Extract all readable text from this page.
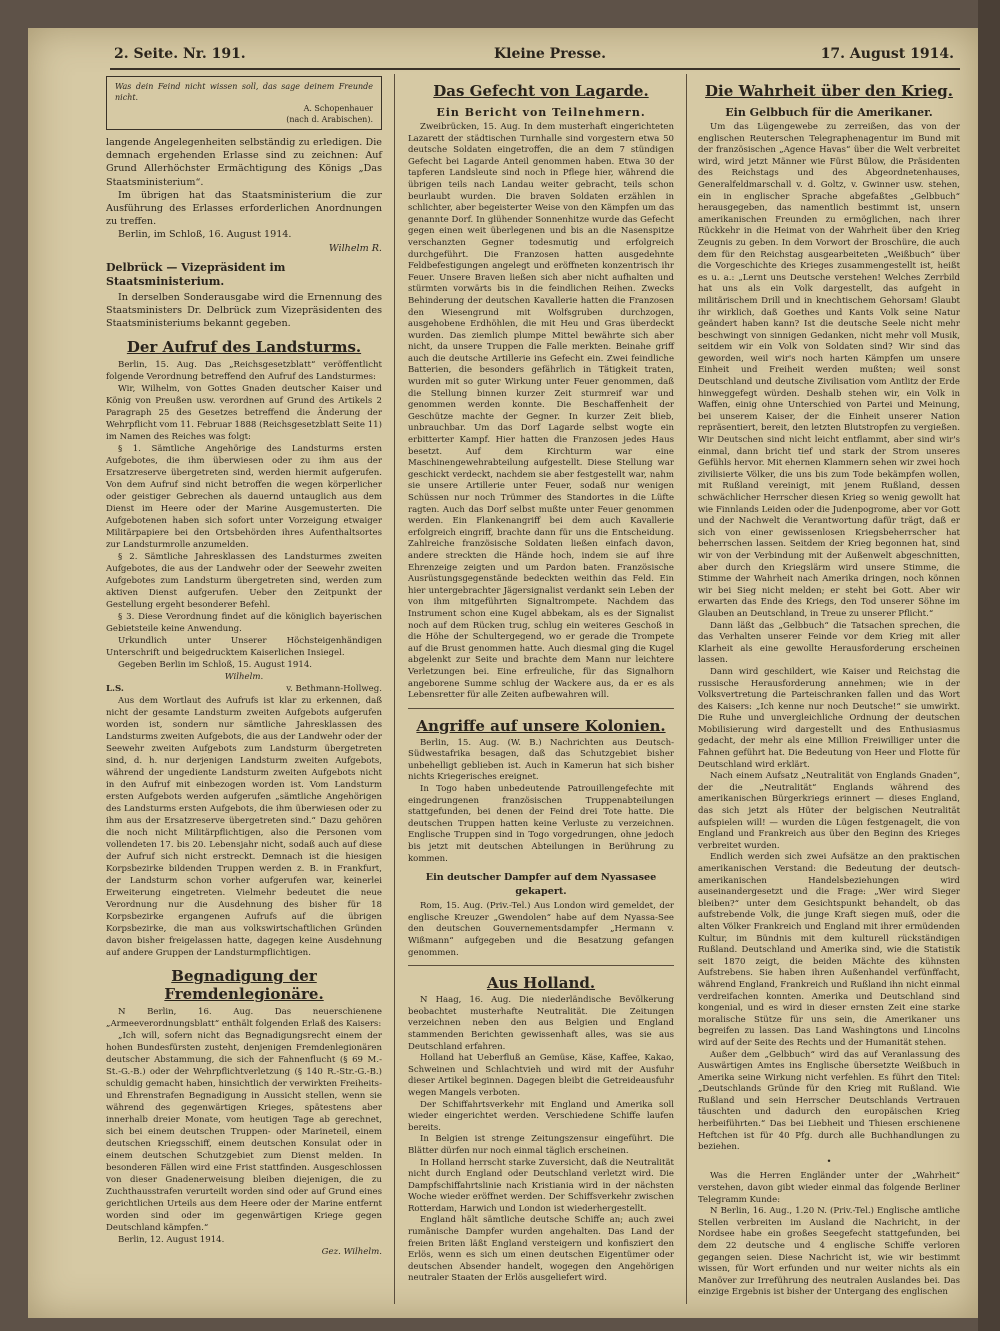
2. Seite. Nr. 191.	Kleine Presse.	17. August 1914.
Was dein Feind nicht wissen soll, das sage deinem Freunde nicht.
A. Schopenhauer
(nach d. Arabischen).

langende Angelegenheiten selbständig zu erledigen. Die demnach ergehenden Erlasse sind zu zeichnen: Auf Grund Allerhöchster Ermächtigung des Königs „Das Staatsministerium“.

Im übrigen hat das Staatsministerium die zur Ausführung des Erlasses erforderlichen Anordnungen zu treffen.

Berlin, im Schloß, 16. August 1914.

Wilhelm R.
Delbrück — Vizepräsident im Staatsministerium.

In derselben Sonderausgabe wird die Ernennung des Staatsministers Dr. Delbrück zum Vizepräsidenten des Staatsministeriums bekannt gegeben.

Der Aufruf des Landsturms.

Berlin, 15. Aug. Das „Reichsgesetzblatt“ veröffentlicht folgende Verordnung betreffend den Aufruf des Landsturmes:

Wir, Wilhelm, von Gottes Gnaden deutscher Kaiser und König von Preußen usw. verordnen auf Grund des Artikels 2 Paragraph 25 des Gesetzes betreffend die Änderung der Wehrpflicht vom 11. Februar 1888 (Reichsgesetzblatt Seite 11) im Namen des Reiches was folgt:

§ 1. Sämtliche Angehörige des Landsturms ersten Aufgebotes, die ihm überwiesen oder zu ihm aus der Ersatzreserve übergetreten sind, werden hiermit aufgerufen. Von dem Aufruf sind nicht betroffen die wegen körperlicher oder geistiger Gebrechen als dauernd untauglich aus dem Dienst im Heere oder der Marine Ausgemusterten. Die Aufgebotenen haben sich sofort unter Vorzeigung etwaiger Militärpapiere bei den Ortsbehörden ihres Aufenthaltsortes zur Landsturmrolle anzumelden.

§ 2. Sämtliche Jahresklassen des Landsturmes zweiten Aufgebotes, die aus der Landwehr oder der Seewehr zweiten Aufgebotes zum Landsturm übergetreten sind, werden zum aktiven Dienst aufgerufen. Ueber den Zeitpunkt der Gestellung ergeht besonderer Befehl.

§ 3. Diese Verordnung findet auf die königlich bayerischen Gebietsteile keine Anwendung.

Urkundlich unter Unserer Höchsteigenhändigen Unterschrift und beigedrucktem Kaiserlichen Insiegel.

Gegeben Berlin im Schloß, 15. August 1914.

Wilhelm.
L.S.	v. Bethmann-Hollweg.

Aus dem Wortlaut des Aufrufs ist klar zu erkennen, daß nicht der gesamte Landsturm zweiten Aufgebots aufgerufen worden ist, sondern nur sämtliche Jahresklassen des Landsturms zweiten Aufgebots, die aus der Landwehr oder der Seewehr zweiten Aufgebots zum Landsturm übergetreten sind, d. h. nur derjenigen Landsturm zweiten Aufgebots, während der ungediente Landsturm zweiten Aufgebots nicht in den Aufruf mit einbezogen worden ist. Vom Landsturm ersten Aufgebots werden aufgerufen „sämtliche Angehörigen des Landsturms ersten Aufgebots, die ihm überwiesen oder zu ihm aus der Ersatzreserve übergetreten sind.“ Dazu gehören die noch nicht Militärpflichtigen, also die Personen vom vollendeten 17. bis 20. Lebensjahr nicht, sodaß auch auf diese der Aufruf sich nicht erstreckt. Demnach ist die hiesigen Korpsbezirke bildenden Truppen werden z. B. in Frankfurt, der Landsturm schon vorher aufgerufen war, keinerlei Erweiterung eingetreten. Vielmehr bedeutet die neue Verordnung nur die Ausdehnung des bisher für 18 Korpsbezirke ergangenen Aufrufs auf die übrigen Korpsbezirke, die man aus volkswirtschaftlichen Gründen davon bisher freigelassen hatte, dagegen keine Ausdehnung auf andere Gruppen der Landsturmpflichtigen.

Begnadigung der Fremdenlegionäre.

N Berlin, 16. Aug. Das neuerschienene „Armeeverordnungsblatt“ enthält folgenden Erlaß des Kaisers:

„Ich will, sofern nicht das Begnadigungsrecht einem der hohen Bundesfürsten zusteht, denjenigen Fremdenlegionären deutscher Abstammung, die sich der Fahnenflucht (§ 69 M.-St.-G.-B.) oder der Wehrpflichtverletzung (§ 140 R.-Str.-G.-B.) schuldig gemacht haben, hinsichtlich der verwirkten Freiheits- und Ehrenstrafen Begnadigung in Aussicht stellen, wenn sie während des gegenwärtigen Krieges, spätestens aber innerhalb dreier Monate, vom heutigen Tage ab gerechnet, sich bei einem deutschen Truppen- oder Marineteil, einem deutschen Kriegsschiff, einem deutschen Konsulat oder in einem deutschen Schutzgebiet zum Dienst melden. In besonderen Fällen wird eine Frist stattfinden. Ausgeschlossen von dieser Gnadenerweisung bleiben diejenigen, die zu Zuchthausstrafen verurteilt worden sind oder auf Grund eines gerichtlichen Urteils aus dem Heere oder der Marine entfernt worden sind oder im gegenwärtigen Kriege gegen Deutschland kämpfen.“

Berlin, 12. August 1914.

Gez. Wilhelm.
Das Gefecht von Lagarde.
Ein Bericht von Teilnehmern.

Zweibrücken, 15. Aug. In dem musterhaft eingerichteten Lazarett der städtischen Turnhalle sind vorgestern etwa 50 deutsche Soldaten eingetroffen, die an dem 7 stündigen Gefecht bei Lagarde Anteil genommen haben. Etwa 30 der tapferen Landsleute sind noch in Pflege hier, während die übrigen teils nach Landau weiter gebracht, teils schon beurlaubt wurden. Die braven Soldaten erzählen in schlichter, aber begeisterter Weise von den Kämpfen um das genannte Dorf. In glühender Sonnenhitze wurde das Gefecht gegen einen weit überlegenen und bis an die Nasenspitze verschanzten Gegner todesmutig und erfolgreich durchgeführt. Die Franzosen hatten ausgedehnte Feldbefestigungen angelegt und eröffneten konzentrisch ihr Feuer. Unsere Braven ließen sich aber nicht aufhalten und stürmten vorwärts bis in die feindlichen Reihen. Zwecks Behinderung der deutschen Kavallerie hatten die Franzosen den Wiesengrund mit Wolfsgruben durchzogen, ausgehobene Erdhöhlen, die mit Heu und Gras überdeckt wurden. Das ziemlich plumpe Mittel bewährte sich aber nicht, da unsere Truppen die Falle merkten. Beinahe griff auch die deutsche Artillerie ins Gefecht ein. Zwei feindliche Batterien, die besonders gefährlich in Tätigkeit traten, wurden mit so guter Wirkung unter Feuer genommen, daß die Stellung binnen kurzer Zeit sturmreif war und genommen werden konnte. Die Beschaffenheit der Geschütze machte der Gegner. In kurzer Zeit blieb, unbrauchbar. Um das Dorf Lagarde selbst wogte ein erbitterter Kampf. Hier hatten die Franzosen jedes Haus besetzt. Auf dem Kirchturm war eine Maschinengewehrabteilung aufgestellt. Diese Stellung war geschickt verdeckt, nachdem sie aber festgestellt war, nahm sie unsere Artillerie unter Feuer, sodaß nur wenigen Schüssen nur noch Trümmer des Standortes in die Lüfte ragten. Auch das Dorf selbst mußte unter Feuer genommen werden. Ein Flankenangriff bei dem auch Kavallerie erfolgreich eingriff, brachte dann für uns die Entscheidung. Zahlreiche französische Soldaten ließen einfach davon, andere streckten die Hände hoch, indem sie auf ihre Ehrenzeige zeigten und um Pardon baten. Französische Ausrüstungsgegenstände bedeckten weithin das Feld. Ein hier untergebrachter Jägersignalist verdankt sein Leben der von ihm mitgeführten Signaltrompete. Nachdem das Instrument schon eine Kugel abbekam, als es der Signalist noch auf dem Rücken trug, schlug ein weiteres Geschoß in die Höhe der Schultergegend, wo er gerade die Trompete auf die Brust genommen hatte. Auch diesmal ging die Kugel abgelenkt zur Seite und brachte dem Mann nur leichtere Verletzungen bei. Eine erfreuliche, für das Signalhorn angeborene Summe schlug der Wackere aus, da er es als Lebensretter für alle Zeiten aufbewahren will.

Angriffe auf unsere Kolonien.

Berlin, 15. Aug. (W. B.) Nachrichten aus Deutsch-Südwestafrika besagen, daß das Schutzgebiet bisher unbehelligt geblieben ist. Auch in Kamerun hat sich bisher nichts Kriegerisches ereignet.

In Togo haben unbedeutende Patrouillengefechte mit eingedrungenen französischen Truppenabteilungen stattgefunden, bei denen der Feind drei Tote hatte. Die deutschen Truppen hatten keine Verluste zu verzeichnen. Englische Truppen sind in Togo vorgedrungen, ohne jedoch bis jetzt mit deutschen Abteilungen in Berührung zu kommen.

Ein deutscher Dampfer auf dem Nyassasee gekapert.

Rom, 15. Aug. (Priv.-Tel.) Aus London wird gemeldet, der englische Kreuzer „Gwendolen“ habe auf dem Nyassa-See den deutschen Gouvernementsdampfer „Hermann v. Wißmann“ aufgegeben und die Besatzung gefangen genommen.

Aus Holland.

N Haag, 16. Aug. Die niederländische Bevölkerung beobachtet musterhafte Neutralität. Die Zeitungen verzeichnen neben den aus Belgien und England stammenden Berichten gewissenhaft alles, was sie aus Deutschland erfahren.

Holland hat Ueberfluß an Gemüse, Käse, Kaffee, Kakao, Schweinen und Schlachtvieh und wird mit der Ausfuhr dieser Artikel beginnen. Dagegen bleibt die Getreideausfuhr wegen Mangels verboten.

Der Schiffahrtsverkehr mit England und Amerika soll wieder eingerichtet werden. Verschiedene Schiffe laufen bereits.

In Belgien ist strenge Zeitungszensur eingeführt. Die Blätter dürfen nur noch einmal täglich erscheinen.

In Holland herrscht starke Zuversicht, daß die Neutralität nicht durch England oder Deutschland verletzt wird. Die Dampfschiffahrtslinie nach Kristiania wird in der nächsten Woche wieder eröffnet werden. Der Schiffsverkehr zwischen Rotterdam, Harwich und London ist wiederhergestellt.

England hält sämtliche deutsche Schiffe an; auch zwei rumänische Dampfer wurden angehalten. Das Land der freien Briten läßt England versteigern und konfisziert den Erlös, wenn es sich um einen deutschen Eigentümer oder deutschen Absender handelt, wogegen den Angehörigen neutraler Staaten der Erlös ausgeliefert wird.

Die Wahrheit über den Krieg.
Ein Gelbbuch für die Amerikaner.

Um das Lügengewebe zu zerreißen, das von der englischen Reuterschen Telegraphenagentur im Bund mit der französischen „Agence Havas“ über die Welt verbreitet wird, wird jetzt Männer wie Fürst Bülow, die Präsidenten des Reichstags und des Abgeordnetenhauses, Generalfeldmarschall v. d. Goltz, v. Gwinner usw. stehen, ein in englischer Sprache abgefaßtes „Gelbbuch“ herausgegeben, das namentlich bestimmt ist, unsern amerikanischen Freunden zu ermöglichen, nach ihrer Rückkehr in die Heimat von der Wahrheit über den Krieg Zeugnis zu geben. In dem Vorwort der Broschüre, die auch dem für den Reichstag ausgearbeiteten „Weißbuch“ über die Vorgeschichte des Krieges zusammengestellt ist, heißt es u. a.: „Lernt uns Deutsche verstehen! Welches Zerrbild hat uns als ein Volk dargestellt, das aufgeht in militärischem Drill und in knechtischem Gehorsam! Glaubt ihr wirklich, daß Goethes und Kants Volk seine Natur geändert haben kann? Ist die deutsche Seele nicht mehr beschwingt von sinnigen Gedanken, nicht mehr voll Musik, seitdem wir ein Volk von Soldaten sind? Wir sind das geworden, weil wir's noch harten Kämpfen um unsere Einheit und Freiheit werden mußten; weil sonst Deutschland und deutsche Zivilisation vom Antlitz der Erde hinweggefegt würden. Deshalb stehen wir, ein Volk in Waffen, einig ohne Unterschied von Partei und Meinung, bei unserem Kaiser, der die Einheit unserer Nation repräsentiert, bereit, den letzten Blutstropfen zu vergießen. Wir Deutschen sind nicht leicht entflammt, aber sind wir's einmal, dann bricht tief und stark der Strom unseres Gefühls hervor. Mit ehernen Klammern sehen wir zwei hoch zivilisierte Völker, die uns bis zum Tode bekämpfen wollen, mit Rußland vereinigt, mit jenem Rußland, dessen schwächlicher Herrscher diesen Krieg so wenig gewollt hat wie Finnlands Leiden oder die Judenpogrome, aber vor Gott und der Nachwelt die Verantwortung dafür trägt, daß er sich von einer gewissenlosen Kriegsbeherrscher hat beherrschen lassen. Seitdem der Krieg begonnen hat, sind wir von der Verbindung mit der Außenwelt abgeschnitten, aber durch den Kriegslärm wird unsere Stimme, die Stimme der Wahrheit nach Amerika dringen, noch können wir bei Sieg nicht melden; er steht bei Gott. Aber wir erwarten das Ende des Kriegs, den Tod unserer Söhne im Glauben an Deutschland, in Treue zu unserer Pflicht.“

Dann läßt das „Gelbbuch“ die Tatsachen sprechen, die das Verhalten unserer Feinde vor dem Krieg mit aller Klarheit als eine gewollte Herausforderung erscheinen lassen.

Dann wird geschildert, wie Kaiser und Reichstag die russische Herausforderung annehmen; wie in der Volksvertretung die Parteischranken fallen und das Wort des Kaisers: „Ich kenne nur noch Deutsche!“ sie umwirkt. Die Ruhe und unvergleichliche Ordnung der deutschen Mobilisierung wird dargestellt und des Enthusiasmus gedacht, der mehr als eine Million Freiwilliger unter die Fahnen geführt hat. Die Bedeutung von Heer und Flotte für Deutschland wird erklärt.

Nach einem Aufsatz „Neutralität von Englands Gnaden“, der die „Neutralität“ Englands während des amerikanischen Bürgerkriegs erinnert — dieses England, das sich jetzt als Hüter der belgischen Neutralität aufspielen will! — wurden die Lügen festgenagelt, die von England und Frankreich aus über den Beginn des Krieges verbreitet wurden.

Endlich werden sich zwei Aufsätze an den praktischen amerikanischen Verstand: die Bedeutung der deutsch-amerikanischen Handelsbeziehungen wird auseinandergesetzt und die Frage: „Wer wird Sieger bleiben?“ unter dem Gesichtspunkt behandelt, ob das aufstrebende Volk, die junge Kraft siegen muß, oder die alten Völker Frankreich und England mit ihrer ermüdenden Kultur, im Bündnis mit dem kulturell rückständigen Rußland. Deutschland und Amerika sind, wie die Statistik seit 1870 zeigt, die beiden Mächte des kühnsten Aufstrebens. Sie haben ihren Außenhandel verfünffacht, während England, Frankreich und Rußland ihn nicht einmal verdreifachen konnten. Amerika und Deutschland sind kongenial, und es wird in dieser ernsten Zeit eine starke moralische Stütze für uns sein, die Amerikaner uns begreifen zu lassen. Das Land Washingtons und Lincolns wird auf der Seite des Rechts und der Humanität stehen.

Außer dem „Gelbbuch“ wird das auf Veranlassung des Auswärtigen Amtes ins Englische übersetzte Weißbuch in Amerika seine Wirkung nicht verfehlen. Es führt den Titel: „Deutschlands Gründe für den Krieg mit Rußland. Wie Rußland und sein Herrscher Deutschlands Vertrauen täuschten und dadurch den europäischen Krieg herbeiführten.“ Das bei Liebheit und Thiesen erschienene Heftchen ist für 40 Pfg. durch alle Buchhandlungen zu beziehen.

•

Was die Herren Engländer unter der „Wahrheit“ verstehen, davon gibt wieder einmal das folgende Berliner Telegramm Kunde:

N Berlin, 16. Aug., 1.20 N. (Priv.-Tel.) Englische amtliche Stellen verbreiten im Ausland die Nachricht, in der Nordsee habe ein großes Seegefecht stattgefunden, bei dem 22 deutsche und 4 englische Schiffe verloren gegangen seien. Diese Nachricht ist, wie wir bestimmt wissen, für Wort erfunden und nur weiter nichts als ein Manöver zur Irreführung des neutralen Auslandes bei. Das einzige Ergebnis ist bisher der Untergang des englischen
